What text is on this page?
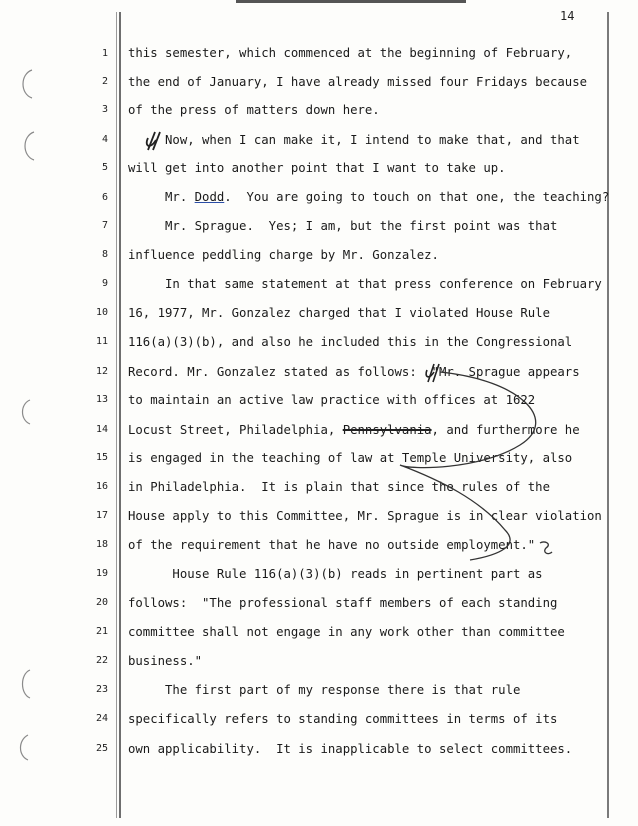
14
1
2
3
4
5
6
7
8
9
10
11
12
13
14
15
16
17
18
19
20
21
22
23
24
25
this semester, which commenced at the beginning of February,
the end of January, I have already missed four Fridays because
of the press of matters down here.
Now, when I can make it, I intend to make that, and that
will get into another point that I want to take up.
Mr. Dodd.  You are going to touch on that one, the teaching?
Mr. Sprague.  Yes; I am, but the first point was that
influence peddling charge by Mr. Gonzalez.
In that same statement at that press conference on February
16, 1977, Mr. Gonzalez charged that I violated House Rule
116(a)(3)(b), and also he included this in the Congressional
Record. Mr. Gonzalez stated as follows:  "Mr. Sprague appears
to maintain an active law practice with offices at 1622
Locust Street, Philadelphia, Pennsylvania, and furthermore he
is engaged in the teaching of law at Temple University, also
in Philadelphia.  It is plain that since the rules of the
House apply to this Committee, Mr. Sprague is in clear violation
of the requirement that he have no outside employment."
House Rule 116(a)(3)(b) reads in pertinent part as
follows:  "The professional staff members of each standing
committee shall not engage in any work other than committee
business."
The first part of my response there is that rule
specifically refers to standing committees in terms of its
own applicability.  It is inapplicable to select committees.
